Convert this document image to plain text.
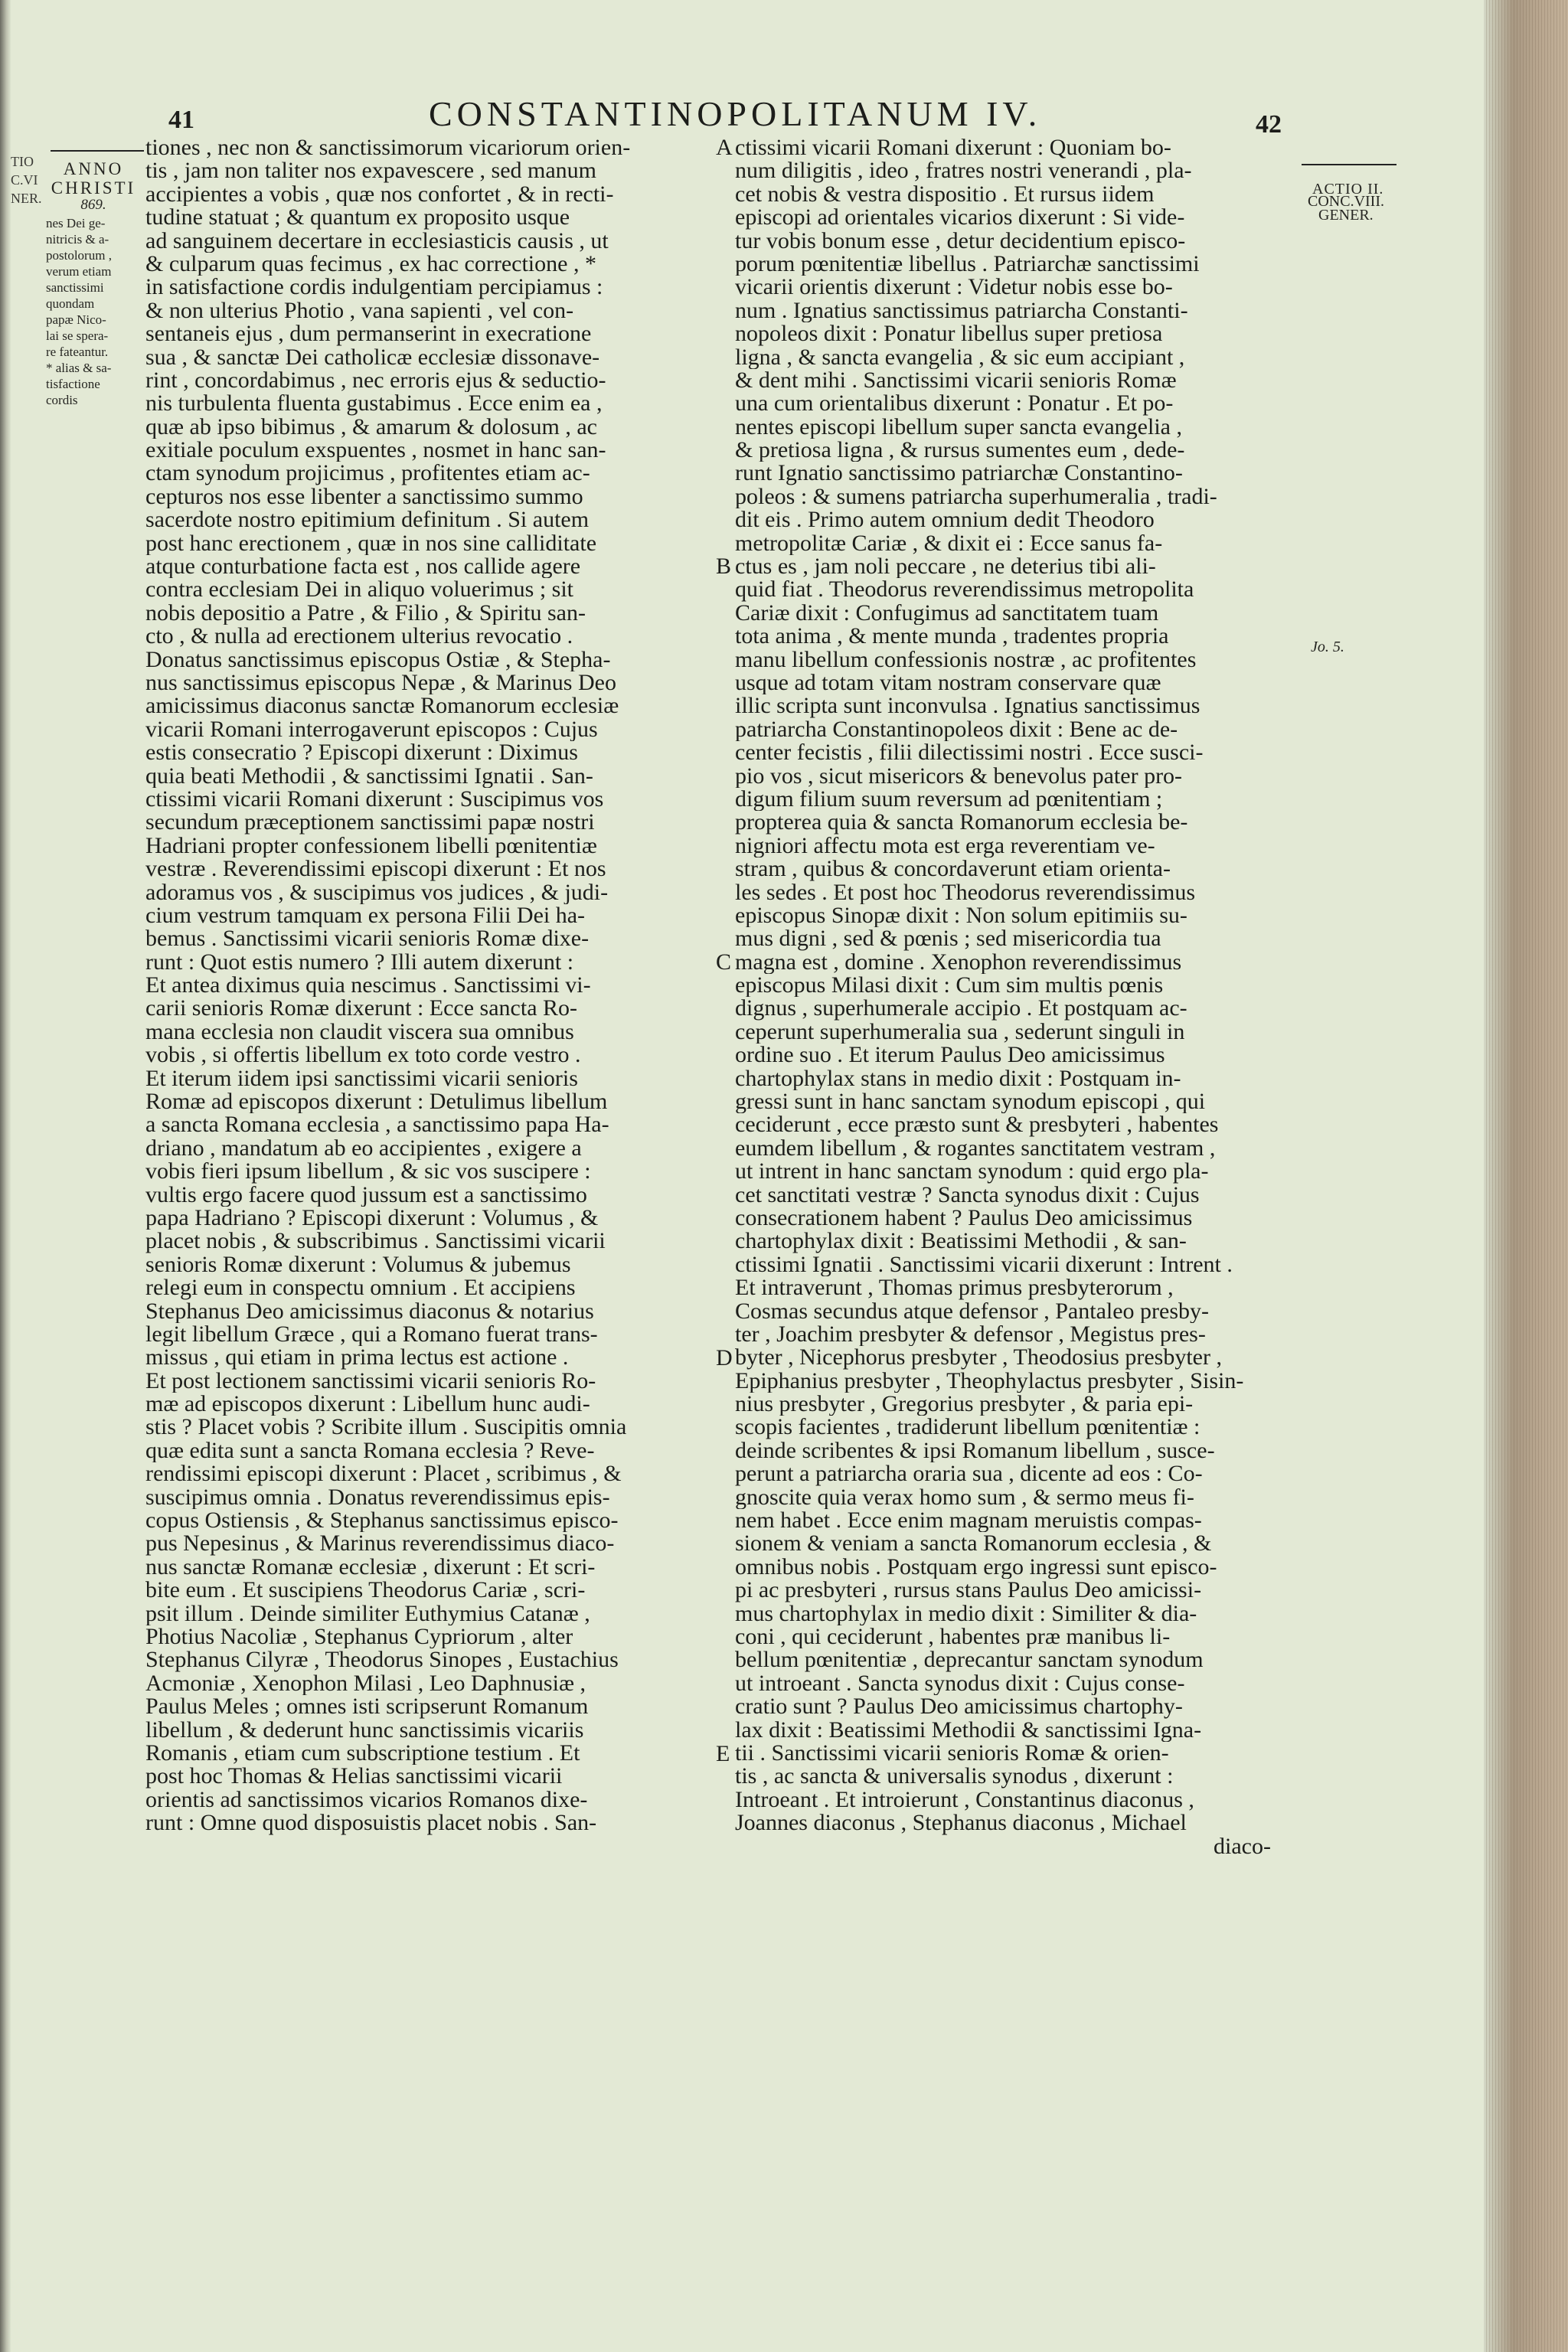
TIO
C.VI
NER.
41	CONSTANTINOPOLITANUM IV.	42
ANNO
CHRISTI
869.
nes Dei ge-
nitricis & a-
postolorum ,
verum etiam
sanctissimi
quondam
papæ Nico-
lai se spera-
re fateantur.
* alias & sa-
tisfactione
cordis
ACTIO II.
CONC.VIII.
GENER.
Jo. 5.
tiones , nec non & sanctissimorum vicariorum orien-
tis , jam non taliter nos expavescere , sed manum
accipientes a vobis , quæ nos confortet , & in recti-
tudine statuat ; & quantum ex proposito usque
ad sanguinem decertare in ecclesiasticis causis , ut
& culparum quas fecimus , ex hac correctione , *
in satisfactione cordis indulgentiam percipiamus :
& non ulterius Photio , vana sapienti , vel con-
sentaneis ejus , dum permanserint in execratione
sua , & sanctæ Dei catholicæ ecclesiæ dissonave-
rint , concordabimus , nec erroris ejus & seductio-
nis turbulenta fluenta gustabimus . Ecce enim ea ,
quæ ab ipso bibimus , & amarum & dolosum , ac
exitiale poculum exspuentes , nosmet in hanc san-
ctam synodum projicimus , profitentes etiam ac-
cepturos nos esse libenter a sanctissimo summo
sacerdote nostro epitimium definitum . Si autem
post hanc erectionem , quæ in nos sine calliditate
atque conturbatione facta est , nos callide agere
contra ecclesiam Dei in aliquo voluerimus ; sit
nobis depositio a Patre , & Filio , & Spiritu san-
cto , & nulla ad erectionem ulterius revocatio .
Donatus sanctissimus episcopus Ostiæ , & Stepha-
nus sanctissimus episcopus Nepæ , & Marinus Deo
amicissimus diaconus sanctæ Romanorum ecclesiæ
vicarii Romani interrogaverunt episcopos : Cujus
estis consecratio ? Episcopi dixerunt : Diximus
quia beati Methodii , & sanctissimi Ignatii . San-
ctissimi vicarii Romani dixerunt : Suscipimus vos
secundum præceptionem sanctissimi papæ nostri
Hadriani propter confessionem libelli pœnitentiæ
vestræ . Reverendissimi episcopi dixerunt : Et nos
adoramus vos , & suscipimus vos judices , & judi-
cium vestrum tamquam ex persona Filii Dei ha-
bemus . Sanctissimi vicarii senioris Romæ dixe-
runt : Quot estis numero ? Illi autem dixerunt :
Et antea diximus quia nescimus . Sanctissimi vi-
carii senioris Romæ dixerunt : Ecce sancta Ro-
mana ecclesia non claudit viscera sua omnibus
vobis , si offertis libellum ex toto corde vestro .
Et iterum iidem ipsi sanctissimi vicarii senioris
Romæ ad episcopos dixerunt : Detulimus libellum
a sancta Romana ecclesia , a sanctissimo papa Ha-
driano , mandatum ab eo accipientes , exigere a
vobis fieri ipsum libellum , & sic vos suscipere :
vultis ergo facere quod jussum est a sanctissimo
papa Hadriano ? Episcopi dixerunt : Volumus , &
placet nobis , & subscribimus . Sanctissimi vicarii
senioris Romæ dixerunt : Volumus & jubemus
relegi eum in conspectu omnium . Et accipiens
Stephanus Deo amicissimus diaconus & notarius
legit libellum Græce , qui a Romano fuerat trans-
missus , qui etiam in prima lectus est actione .
Et post lectionem sanctissimi vicarii senioris Ro-
mæ ad episcopos dixerunt : Libellum hunc audi-
stis ? Placet vobis ? Scribite illum . Suscipitis omnia
quæ edita sunt a sancta Romana ecclesia ? Reve-
rendissimi episcopi dixerunt : Placet , scribimus , &
suscipimus omnia . Donatus reverendissimus epis-
copus Ostiensis , & Stephanus sanctissimus episco-
pus Nepesinus , & Marinus reverendissimus diaco-
nus sanctæ Romanæ ecclesiæ , dixerunt : Et scri-
bite eum . Et suscipiens Theodorus Cariæ , scri-
psit illum . Deinde similiter Euthymius Catanæ ,
Photius Nacoliæ , Stephanus Cypriorum , alter
Stephanus Cilyræ , Theodorus Sinopes , Eustachius
Acmoniæ , Xenophon Milasi , Leo Daphnusiæ ,
Paulus Meles ; omnes isti scripserunt Romanum
libellum , & dederunt hunc sanctissimis vicariis
Romanis , etiam cum subscriptione testium . Et
post hoc Thomas & Helias sanctissimi vicarii
orientis ad sanctissimos vicarios Romanos dixe-
runt : Omne quod disposuistis placet nobis . San-
A
B
C
D
E
ctissimi vicarii Romani dixerunt : Quoniam bo-
num diligitis , ideo , fratres nostri venerandi , pla-
cet nobis & vestra dispositio . Et rursus iidem
episcopi ad orientales vicarios dixerunt : Si vide-
tur vobis bonum esse , detur decidentium episco-
porum pœnitentiæ libellus . Patriarchæ sanctissimi
vicarii orientis dixerunt : Videtur nobis esse bo-
num . Ignatius sanctissimus patriarcha Constanti-
nopoleos dixit : Ponatur libellus super pretiosa
ligna , & sancta evangelia , & sic eum accipiant ,
& dent mihi . Sanctissimi vicarii senioris Romæ
una cum orientalibus dixerunt : Ponatur . Et po-
nentes episcopi libellum super sancta evangelia ,
& pretiosa ligna , & rursus sumentes eum , dede-
runt Ignatio sanctissimo patriarchæ Constantino-
poleos : & sumens patriarcha superhumeralia , tradi-
dit eis . Primo autem omnium dedit Theodoro
metropolitæ Cariæ , & dixit ei : Ecce sanus fa-
ctus es , jam noli peccare , ne deterius tibi ali-
quid fiat . Theodorus reverendissimus metropolita
Cariæ dixit : Confugimus ad sanctitatem tuam
tota anima , & mente munda , tradentes propria
manu libellum confessionis nostræ , ac profitentes
usque ad totam vitam nostram conservare quæ
illic scripta sunt inconvulsa . Ignatius sanctissimus
patriarcha Constantinopoleos dixit : Bene ac de-
center fecistis , filii dilectissimi nostri . Ecce susci-
pio vos , sicut misericors & benevolus pater pro-
digum filium suum reversum ad pœnitentiam ;
propterea quia & sancta Romanorum ecclesia be-
nigniori affectu mota est erga reverentiam ve-
stram , quibus & concordaverunt etiam orienta-
les sedes . Et post hoc Theodorus reverendissimus
episcopus Sinopæ dixit : Non solum epitimiis su-
mus digni , sed & pœnis ; sed misericordia tua
magna est , domine . Xenophon reverendissimus
episcopus Milasi dixit : Cum sim multis pœnis
dignus , superhumerale accipio . Et postquam ac-
ceperunt superhumeralia sua , sederunt singuli in
ordine suo . Et iterum Paulus Deo amicissimus
chartophylax stans in medio dixit : Postquam in-
gressi sunt in hanc sanctam synodum episcopi , qui
ceciderunt , ecce præsto sunt & presbyteri , habentes
eumdem libellum , & rogantes sanctitatem vestram ,
ut intrent in hanc sanctam synodum : quid ergo pla-
cet sanctitati vestræ ? Sancta synodus dixit : Cujus
consecrationem habent ? Paulus Deo amicissimus
chartophylax dixit : Beatissimi Methodii , & san-
ctissimi Ignatii . Sanctissimi vicarii dixerunt : Intrent .
Et intraverunt , Thomas primus presbyterorum ,
Cosmas secundus atque defensor , Pantaleo presby-
ter , Joachim presbyter & defensor , Megistus pres-
byter , Nicephorus presbyter , Theodosius presbyter ,
Epiphanius presbyter , Theophylactus presbyter , Sisin-
nius presbyter , Gregorius presbyter , & paria epi-
scopis facientes , tradiderunt libellum pœnitentiæ :
deinde scribentes & ipsi Romanum libellum , susce-
perunt a patriarcha oraria sua , dicente ad eos : Co-
gnoscite quia verax homo sum , & sermo meus fi-
nem habet . Ecce enim magnam meruistis compas-
sionem & veniam a sancta Romanorum ecclesia , &
omnibus nobis . Postquam ergo ingressi sunt episco-
pi ac presbyteri , rursus stans Paulus Deo amicissi-
mus chartophylax in medio dixit : Similiter & dia-
coni , qui ceciderunt , habentes præ manibus li-
bellum pœnitentiæ , deprecantur sanctam synodum
ut introeant . Sancta synodus dixit : Cujus conse-
cratio sunt ? Paulus Deo amicissimus chartophy-
lax dixit : Beatissimi Methodii & sanctissimi Igna-
tii . Sanctissimi vicarii senioris Romæ & orien-
tis , ac sancta & universalis synodus , dixerunt :
Introeant . Et introierunt , Constantinus diaconus ,
Joannes diaconus , Stephanus diaconus , Michael
diaco-
